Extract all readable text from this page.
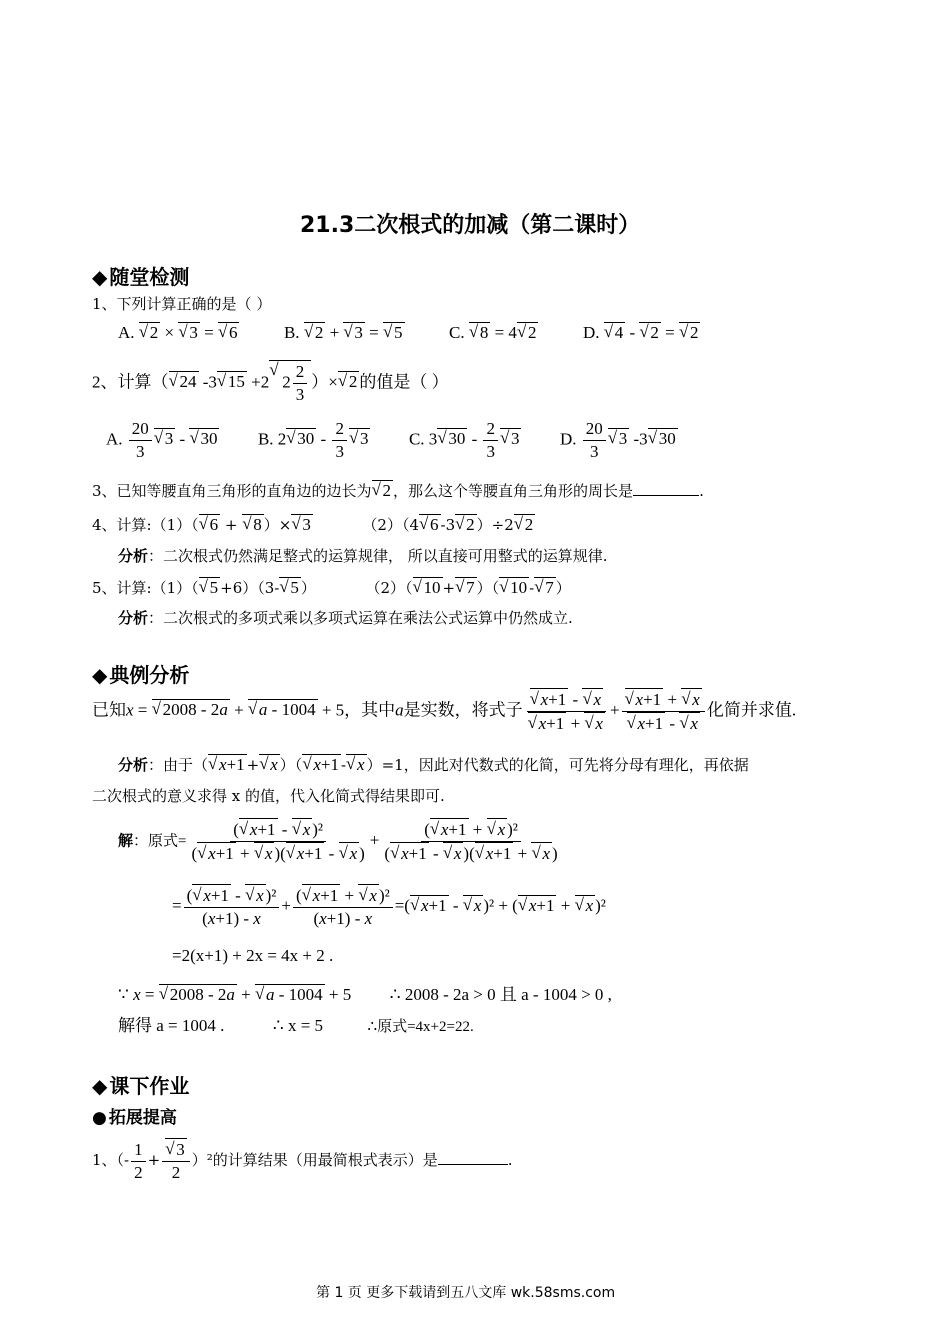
21.3二次根式的加减（第二课时）
◆ 随堂检测
1、下列计算正确的是（ ）
A. √ 2 × √ 3 = √ 6	B. √ 2 + √ 3 = √ 5	C. √ 8 = 4 √ 2	D. √ 4 - √ 2 = √ 2
2、计算（ √ 24 -3 √ 15 +2 √ $2 \frac{2}{3}$ ）× √ 2 的值是（ ）
A. $\frac{20}{3}$ √ 3 - √ 30 B. 2 √ $30 - \frac{2}{3}$ √ 3 C. 3 √ $30 - \frac{2}{3}$ √ 3 D. $\frac{20}{3}$ √ 3 -3 √ 30
3、已知等腰直角三角形的直角边的边长为 √ 2 ，那么这个等腰直角三角形的周长是	.
4、计算:（1）（ √ 6 + √ 8 ）× √ 3	（2）（4 √ 6 -3 √ 2 ）÷2 √ 2
分析：二次根式仍然满足整式的运算规律， 所以直接可用整式的运算规律.
5、计算:（1）（ √ 5 +6）（3- √ 5 ）	（2）（ √ 10 + √ 7 ）（ √ 10 - √ 7 ）
分析：二次根式的多项式乘以多项式运算在乘法公式运算中仍然成立.
◆ 典例分析
已知x = √ 2008 - 2a + √ a - 1004 + 5，其中a是实数，将式子 √ x+1 - √ x
√ x+1 + √ x + √ x+1 + √ x
√ x+1 - √ x 化简并求值.
分析：由于（ √ x+1 + √ x ）（ √ x+1 - √ x ）=1，因此对代数式的化简，可先将分母有理化，再依据
二次根式的意义求得 x 的值，代入化简式得结果即可.
解：原式= $\frac{\text{( √ x+1 - √ x )²}}{( √ x+1 + √ x )( √ x+1 - √ x )} + \frac{\text{( √ x+1 + √ x )²}}{( √ x+1 - √ x )( √ x+1 + √ x )}$
= $\frac{\text{( √ x+1 - √ x )²}}{(x+1) - x} + \frac{\text{( √ x+1 + √ x )²}}{(x+1) - x}$ =( √ x+1 - √ x )² + ( √ x+1 + √ x )²
=2(x+1) + 2x = 4x + 2 .
∵ x = √ 2008 - 2a + √ a - 1004 + 5  ∴ 2008 - 2a > 0 且 a - 1004 > 0 ,
解得 a = 1004 .	∴ x = 5	∴原式=4x+2=22.
◆ 课下作业
● 拓展提高
1、（- $\frac{1}{2}$ + √ $\frac{3}{2} )^2$的计算结果（用最简根式表示）是	.
第 1 页 更多下载请到五八文库 wk.58sms.com
